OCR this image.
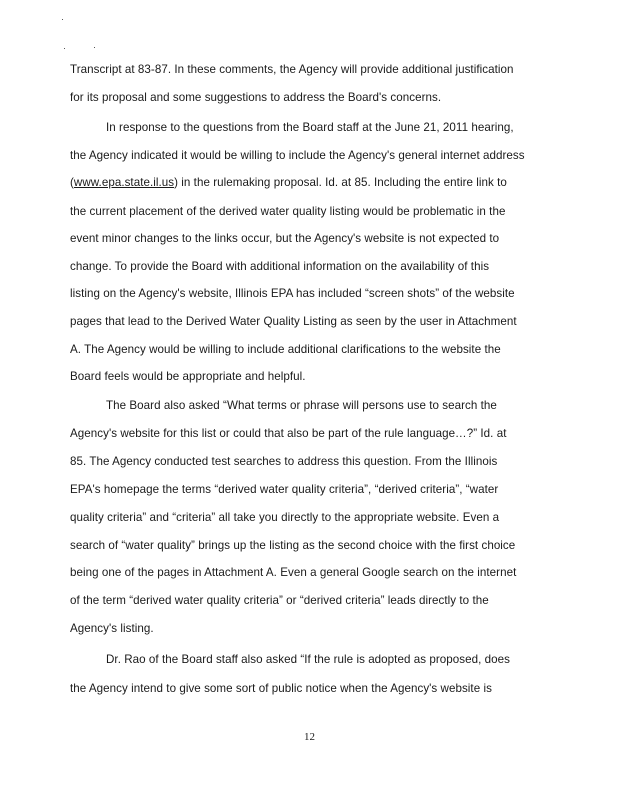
Transcript at 83-87. In these comments, the Agency will provide additional justification
for its proposal and some suggestions to address the Board's concerns.
In response to the questions from the Board staff at the June 21, 2011 hearing,
the Agency indicated it would be willing to include the Agency's general internet address
(www.epa.state.il.us) in the rulemaking proposal. Id. at 85. Including the entire link to
the current placement of the derived water quality listing would be problematic in the
event minor changes to the links occur, but the Agency's website is not expected to
change. To provide the Board with additional information on the availability of this
listing on the Agency's website, Illinois EPA has included “screen shots” of the website
pages that lead to the Derived Water Quality Listing as seen by the user in Attachment
A. The Agency would be willing to include additional clarifications to the website the
Board feels would be appropriate and helpful.
The Board also asked “What terms or phrase will persons use to search the
Agency's website for this list or could that also be part of the rule language…?” Id. at
85. The Agency conducted test searches to address this question. From the Illinois
EPA's homepage the terms “derived water quality criteria”, “derived criteria”, “water
quality criteria” and “criteria” all take you directly to the appropriate website. Even a
search of “water quality” brings up the listing as the second choice with the first choice
being one of the pages in Attachment A. Even a general Google search on the internet
of the term “derived water quality criteria” or “derived criteria” leads directly to the
Agency's listing.
Dr. Rao of the Board staff also asked “If the rule is adopted as proposed, does
the Agency intend to give some sort of public notice when the Agency's website is
12
